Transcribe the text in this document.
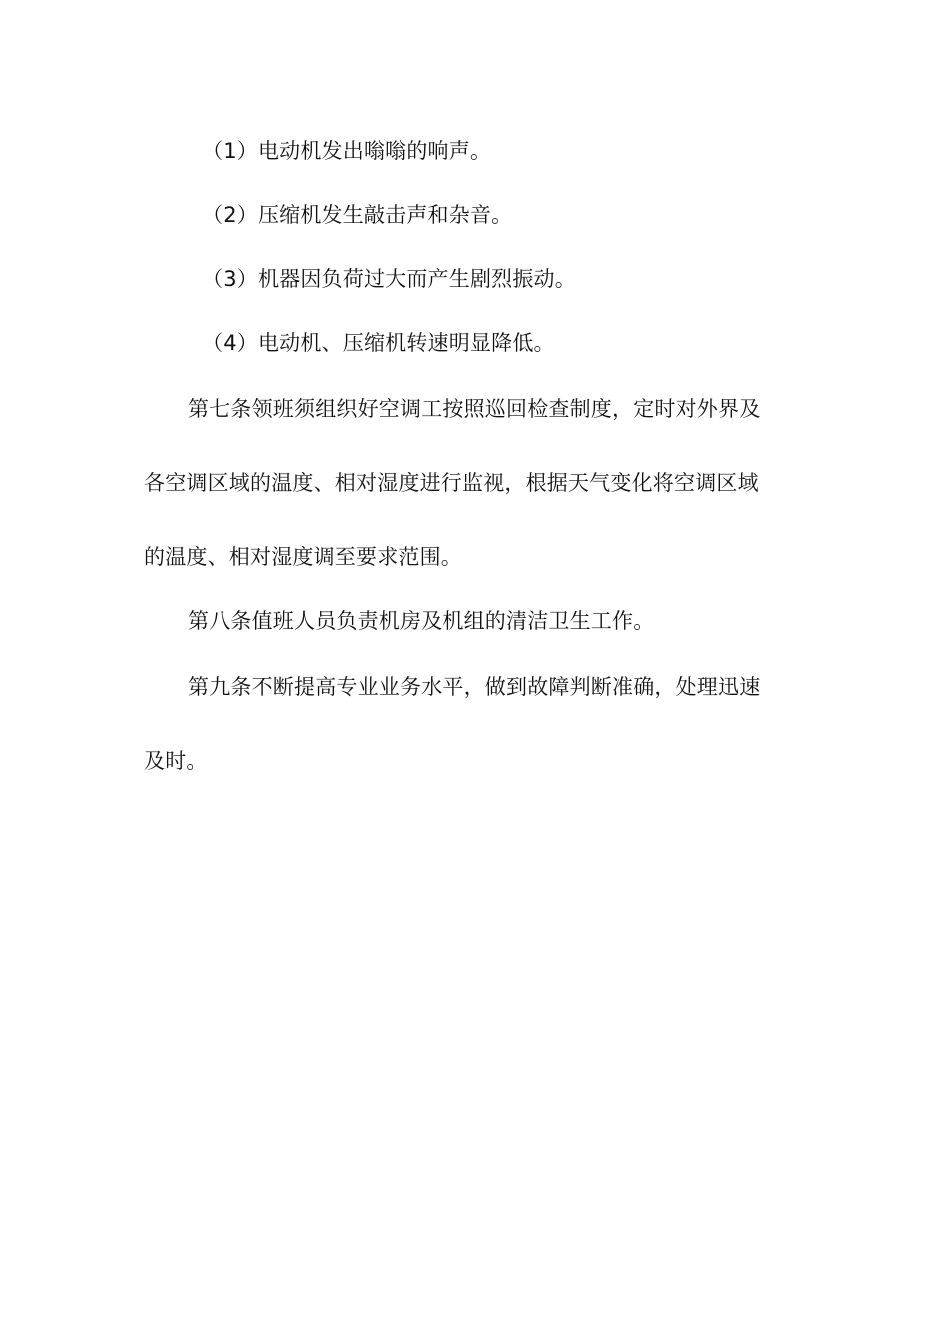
（1）电动机发出嗡嗡的响声。
（2）压缩机发生敲击声和杂音。
（3）机器因负荷过大而产生剧烈振动。
（4）电动机、压缩机转速明显降低。
第七条领班须组织好空调工按照巡回检查制度，定时对外界及
各空调区域的温度、相对湿度进行监视，根据天气变化将空调区域
的温度、相对湿度调至要求范围。
第八条值班人员负责机房及机组的清洁卫生工作。
第九条不断提高专业业务水平，做到故障判断准确，处理迅速
及时。
